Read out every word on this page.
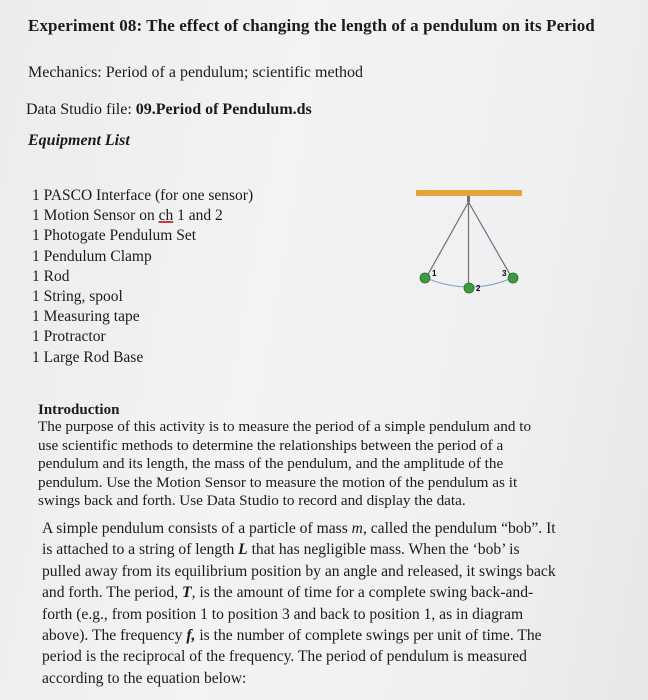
Experiment 08: The effect of changing the length of a pendulum on its Period
Mechanics: Period of a pendulum; scientific method
Data Studio file: 09.Period of Pendulum.ds
Equipment List
1 PASCO Interface (for one sensor)
1 Motion Sensor on ch 1 and 2
1 Photogate Pendulum Set
1 Pendulum Clamp
1 Rod
1 String, spool
1 Measuring tape
1 Protractor
1 Large Rod Base
1
2
3
Introduction
The purpose of this activity is to measure the period of a simple pendulum and to
use scientific methods to determine the relationships between the period of a
pendulum and its length, the mass of the pendulum, and the amplitude of the
pendulum. Use the Motion Sensor to measure the motion of the pendulum as it
swings back and forth. Use Data Studio to record and display the data.
A simple pendulum consists of a particle of mass m, called the pendulum “bob”. It
is attached to a string of length L that has negligible mass. When the ‘bob’ is
pulled away from its equilibrium position by an angle and released, it swings back
and forth. The period, T, is the amount of time for a complete swing back-and-
forth (e.g., from position 1 to position 3 and back to position 1, as in diagram
above). The frequency f, is the number of complete swings per unit of time. The
period is the reciprocal of the frequency. The period of pendulum is measured
according to the equation below:
